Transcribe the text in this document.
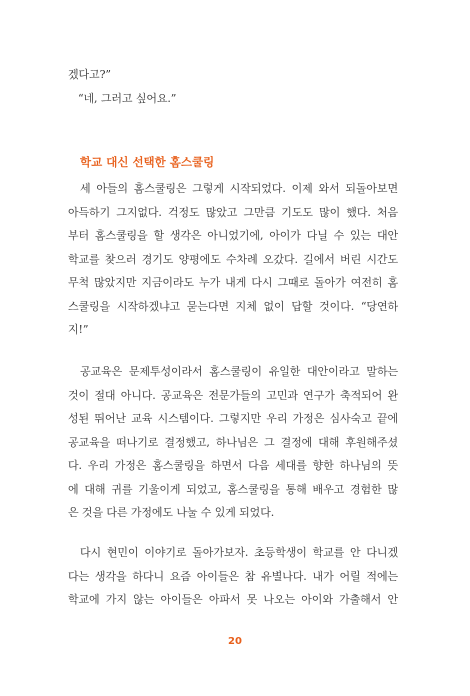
겠다고?”
“네, 그러고 싶어요.”
학교 대신 선택한 홈스쿨링
세 아들의 홈스쿨링은 그렇게 시작되었다. 이제 와서 되돌아보면
아득하기 그지없다. 걱정도 많았고 그만큼 기도도 많이 했다. 처음
부터 홈스쿨링을 할 생각은 아니었기에, 아이가 다닐 수 있는 대안
학교를 찾으러 경기도 양평에도 수차례 오갔다. 길에서 버린 시간도
무척 많았지만 지금이라도 누가 내게 다시 그때로 돌아가 여전히 홈
스쿨링을 시작하겠냐고 묻는다면 지체 없이 답할 것이다. “당연하
지!”
공교육은 문제투성이라서 홈스쿨링이 유일한 대안이라고 말하는
것이 절대 아니다. 공교육은 전문가들의 고민과 연구가 축적되어 완
성된 뛰어난 교육 시스템이다. 그렇지만 우리 가정은 심사숙고 끝에
공교육을 떠나기로 결정했고, 하나님은 그 결정에 대해 후원해주셨
다. 우리 가정은 홈스쿨링을 하면서 다음 세대를 향한 하나님의 뜻
에 대해 귀를 기울이게 되었고, 홈스쿨링을 통해 배우고 경험한 많
은 것을 다른 가정에도 나눌 수 있게 되었다.
다시 현민이 이야기로 돌아가보자. 초등학생이 학교를 안 다니겠
다는 생각을 하다니 요즘 아이들은 참 유별나다. 내가 어릴 적에는
학교에 가지 않는 아이들은 아파서 못 나오는 아이와 가출해서 안
20
